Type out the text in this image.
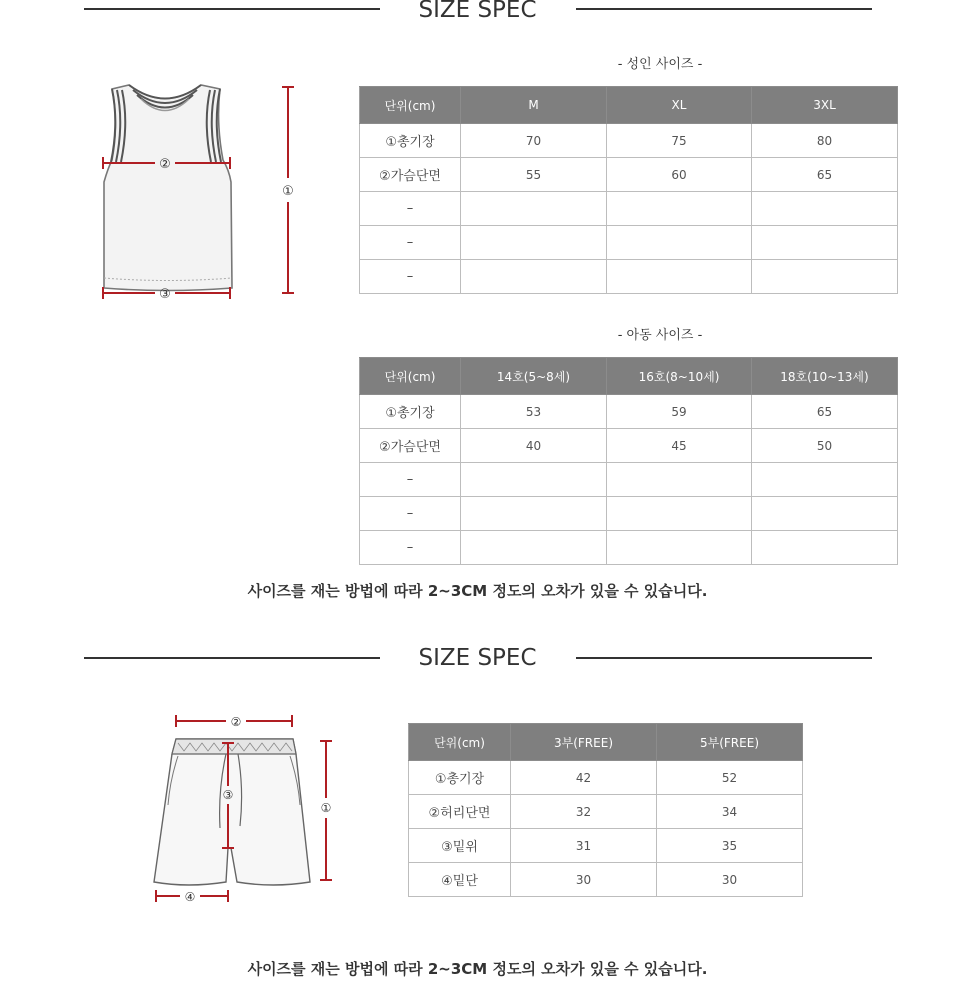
SIZE SPEC
②
①
③
- 성인 사이즈 -
단위(cm)	M	XL	3XL
①총기장	70	75	80
②가슴단면	55	60	65
–			
–			
–			
- 아동 사이즈 -
단위(cm)	14호(5~8세)	16호(8~10세)	18호(10~13세)
①총기장	53	59	65
②가슴단면	40	45	50
–			
–			
–			
사이즈를 재는 방법에 따라 2~3CM 정도의 오차가 있을 수 있습니다.
SIZE SPEC
②
③
①
④
단위(cm)	3부(FREE)	5부(FREE)
①총기장	42	52
②허리단면	32	34
③밑위	31	35
④밑단	30	30
사이즈를 재는 방법에 따라 2~3CM 정도의 오차가 있을 수 있습니다.
